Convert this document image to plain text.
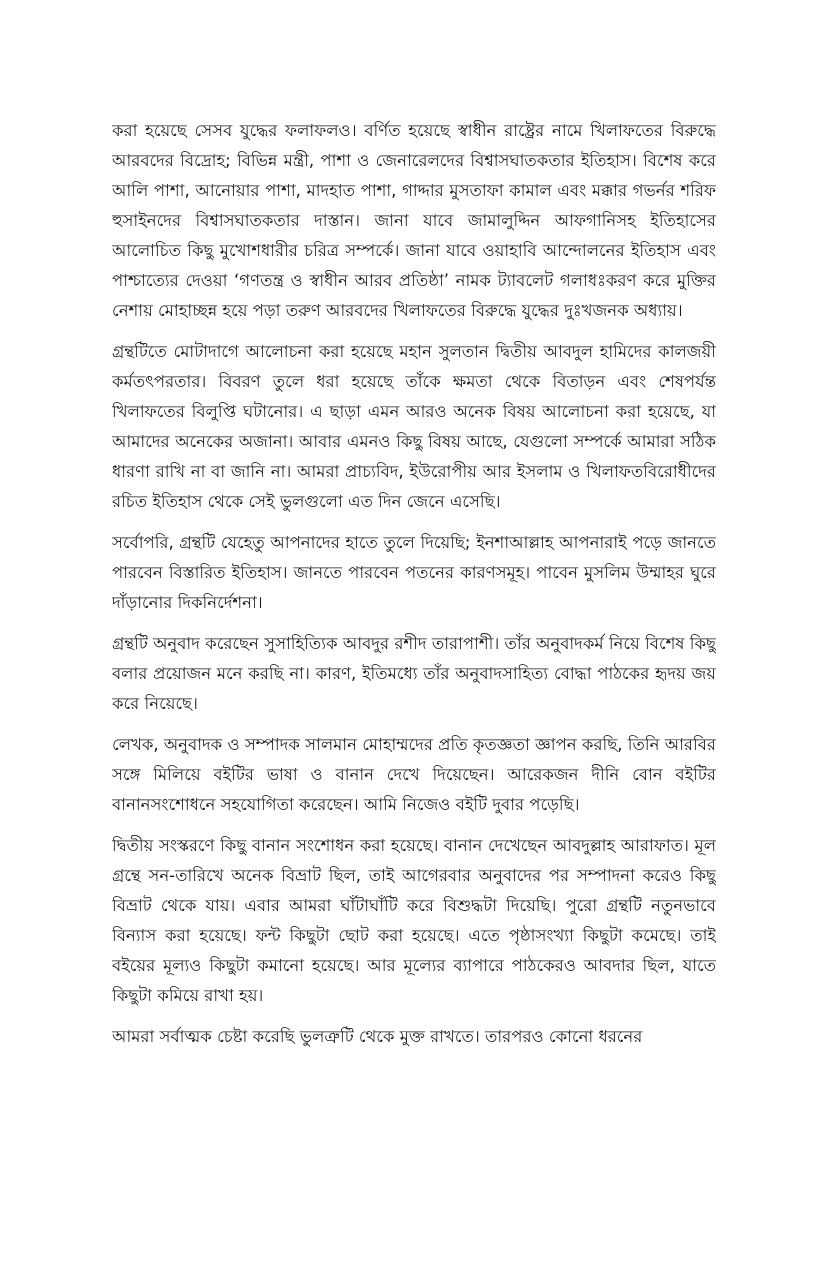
করা হয়েছে সেসব যুদ্ধের ফলাফলও। বর্ণিত হয়েছে স্বাধীন রাষ্ট্রের নামে খিলাফতের বিরুদ্ধে আরবদের বিদ্রোহ; বিভিন্ন মন্ত্রী, পাশা ও জেনারেলদের বিশ্বাসঘাতকতার ইতিহাস। বিশেষ করে আলি পাশা, আনোয়ার পাশা, মাদহাত পাশা, গাদ্দার মুসতাফা কামাল এবং মক্কার গভর্নর শরিফ হুসাইনদের বিশ্বাসঘাতকতার দাস্তান। জানা যাবে জামালুদ্দিন আফগানিসহ ইতিহাসের আলোচিত কিছু মুখোশধারীর চরিত্র সম্পর্কে। জানা যাবে ওয়াহাবি আন্দোলনের ইতিহাস এবং পাশ্চাত্যের দেওয়া ‘গণতন্ত্র ও স্বাধীন আরব প্রতিষ্ঠা’ নামক ট্যাবলেট গলাধঃকরণ করে মুক্তির নেশায় মোহাচ্ছন্ন হয়ে পড়া তরুণ আরবদের খিলাফতের বিরুদ্ধে যুদ্ধের দুঃখজনক অধ্যায়।

গ্রন্থটিতে মোটাদাগে আলোচনা করা হয়েছে মহান সুলতান দ্বিতীয় আবদুল হামিদের কালজয়ী কর্মতৎপরতার। বিবরণ তুলে ধরা হয়েছে তাঁকে ক্ষমতা থেকে বিতাড়ন এবং শেষপর্যন্ত খিলাফতের বিলুপ্তি ঘটানোর। এ ছাড়া এমন আরও অনেক বিষয় আলোচনা করা হয়েছে, যা আমাদের অনেকের অজানা। আবার এমনও কিছু বিষয় আছে, যেগুলো সম্পর্কে আমারা সঠিক ধারণা রাখি না বা জানি না। আমরা প্রাচ্যবিদ, ইউরোপীয় আর ইসলাম ও খিলাফতবিরোধীদের রচিত ইতিহাস থেকে সেই ভুলগুলো এত দিন জেনে এসেছি।

সর্বোপরি, গ্রন্থটি যেহেতু আপনাদের হাতে তুলে দিয়েছি; ইনশাআল্লাহ আপনারাই পড়ে জানতে পারবেন বিস্তারিত ইতিহাস। জানতে পারবেন পতনের কারণসমূহ। পাবেন মুসলিম উম্মাহর ঘুরে দাঁড়ানোর দিকনির্দেশনা।

গ্রন্থটি অনুবাদ করেছেন সুসাহিত্যিক আবদুর রশীদ তারাপাশী। তাঁর অনুবাদকর্ম নিয়ে বিশেষ কিছু বলার প্রয়োজন মনে করছি না। কারণ, ইতিমধ্যে তাঁর অনুবাদসাহিত্য বোদ্ধা পাঠকের হৃদয় জয় করে নিয়েছে।

লেখক, অনুবাদক ও সম্পাদক সালমান মোহাম্মদের প্রতি কৃতজ্ঞতা জ্ঞাপন করছি, তিনি আরবির সঙ্গে মিলিয়ে বইটির ভাষা ও বানান দেখে দিয়েছেন। আরেকজন দীনি বোন বইটির বানানসংশোধনে সহযোগিতা করেছেন। আমি নিজেও বইটি দুবার পড়েছি।

দ্বিতীয় সংস্করণে কিছু বানান সংশোধন করা হয়েছে। বানান দেখেছেন আবদুল্লাহ আরাফাত। মূল গ্রন্থে সন-তারিখে অনেক বিভ্রাট ছিল, তাই আগেরবার অনুবাদের পর সম্পাদনা করেও কিছু বিভ্রাট থেকে যায়। এবার আমরা ঘাঁটাঘাঁটি করে বিশুদ্ধটা দিয়েছি। পুরো গ্রন্থটি নতুনভাবে বিন্যাস করা হয়েছে। ফন্ট কিছুটা ছোট করা হয়েছে। এতে পৃষ্ঠাসংখ্যা কিছুটা কমেছে। তাই বইয়ের মূল্যও কিছুটা কমানো হয়েছে। আর মূল্যের ব্যাপারে পাঠকেরও আবদার ছিল, যাতে কিছুটা কমিয়ে রাখা হয়।

আমরা সর্বাত্মক চেষ্টা করেছি ভুলত্রুটি থেকে মুক্ত রাখতে। তারপরও কোনো ধরনের
